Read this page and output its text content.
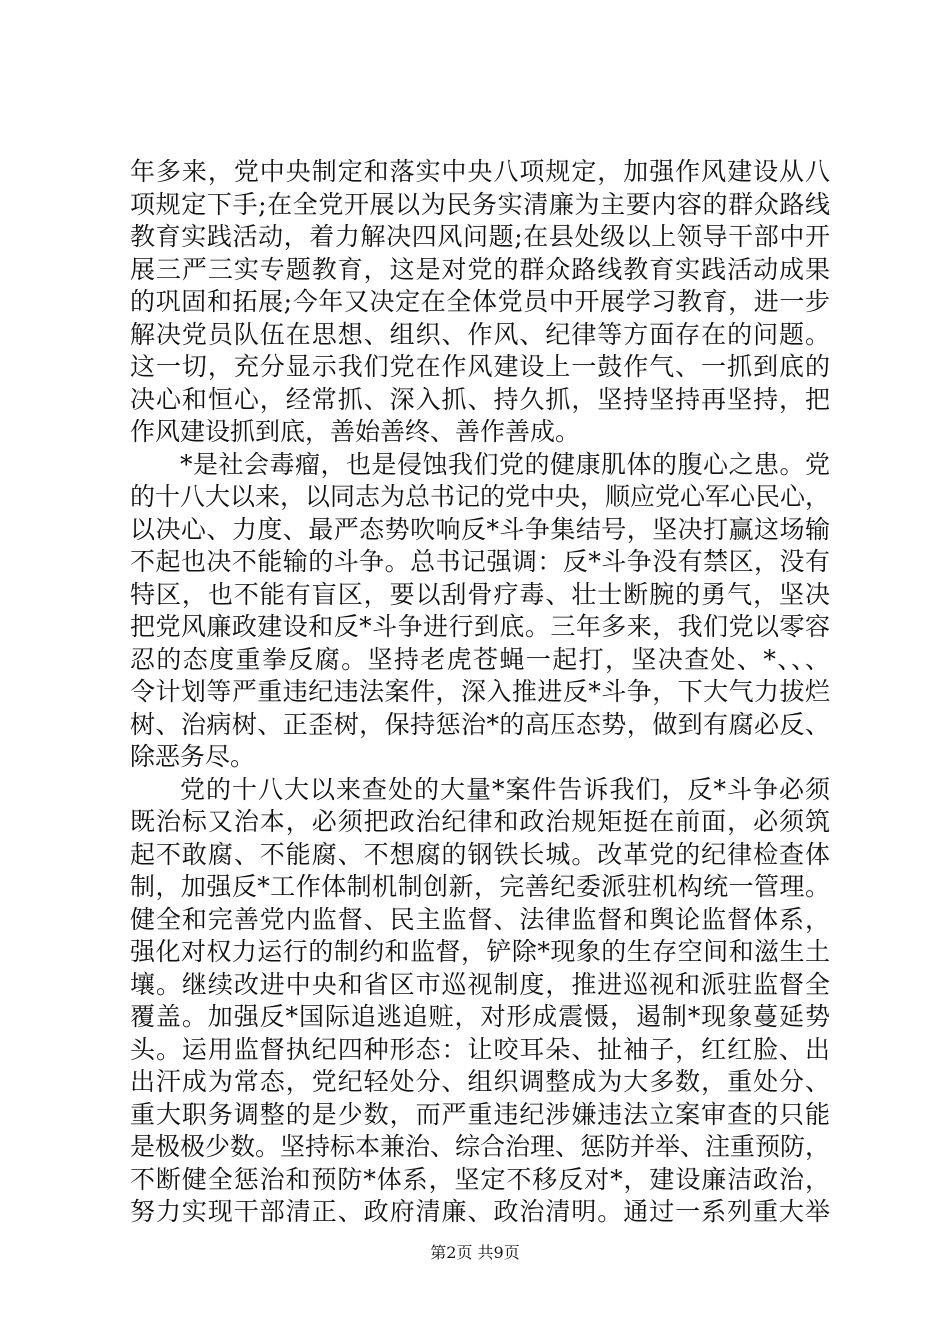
年多来，党中央制定和落实中央八项规定，加强作风建设从八
项规定下手;在全党开展以为民务实清廉为主要内容的群众路线
教育实践活动，着力解决四风问题;在县处级以上领导干部中开
展三严三实专题教育，这是对党的群众路线教育实践活动成果
的巩固和拓展;今年又决定在全体党员中开展学习教育，进一步
解决党员队伍在思想、组织、作风、纪律等方面存在的问题。
这一切，充分显示我们党在作风建设上一鼓作气、一抓到底的
决心和恒心，经常抓、深入抓、持久抓，坚持坚持再坚持，把
作风建设抓到底，善始善终、善作善成。
*是社会毒瘤，也是侵蚀我们党的健康肌体的腹心之患。党
的十八大以来，以同志为总书记的党中央，顺应党心军心民心，
以决心、力度、最严态势吹响反*斗争集结号，坚决打赢这场输
不起也决不能输的斗争。总书记强调：反*斗争没有禁区，没有
特区，也不能有盲区，要以刮骨疗毒、壮士断腕的勇气，坚决
把党风廉政建设和反*斗争进行到底。三年多来，我们党以零容
忍的态度重拳反腐。坚持老虎苍蝇一起打，坚决查处、*、、、
令计划等严重违纪违法案件，深入推进反*斗争，下大气力拔烂
树、治病树、正歪树，保持惩治*的高压态势，做到有腐必反、
除恶务尽。
党的十八大以来查处的大量*案件告诉我们，反*斗争必须
既治标又治本，必须把政治纪律和政治规矩挺在前面，必须筑
起不敢腐、不能腐、不想腐的钢铁长城。改革党的纪律检查体
制，加强反*工作体制机制创新，完善纪委派驻机构统一管理。
健全和完善党内监督、民主监督、法律监督和舆论监督体系，
强化对权力运行的制约和监督，铲除*现象的生存空间和滋生土
壤。继续改进中央和省区市巡视制度，推进巡视和派驻监督全
覆盖。加强反*国际追逃追赃，对形成震慑，遏制*现象蔓延势
头。运用监督执纪四种形态：让咬耳朵、扯袖子，红红脸、出
出汗成为常态，党纪轻处分、组织调整成为大多数，重处分、
重大职务调整的是少数，而严重违纪涉嫌违法立案审查的只能
是极极少数。坚持标本兼治、综合治理、惩防并举、注重预防，
不断健全惩治和预防*体系，坚定不移反对*，建设廉洁政治，
努力实现干部清正、政府清廉、政治清明。通过一系列重大举
第2页 共9页
